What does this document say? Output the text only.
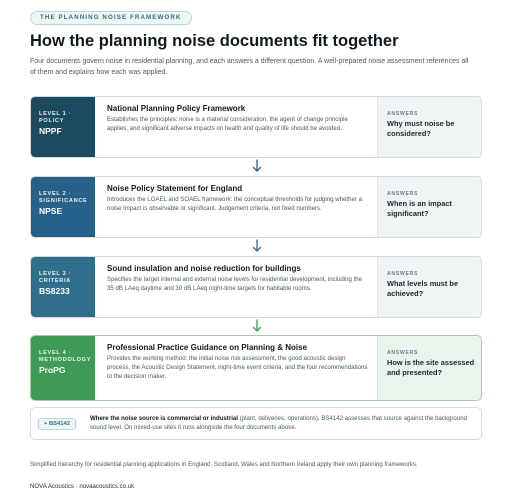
THE PLANNING NOISE FRAMEWORK
How the planning noise documents fit together
Four documents govern noise in residential planning, and each answers a different question. A well-prepared noise assessment references all of them and explains how each was applied.
LEVEL 1 ·
POLICY
NPPF
National Planning Policy Framework
Establishes the principles: noise is a material consideration, the agent of change principle applies, and significant adverse impacts on health and quality of life should be avoided.
ANSWERS
Why must noise be considered?
LEVEL 2 ·
SIGNIFICANCE
NPSE
Noise Policy Statement for England
Introduces the LOAEL and SOAEL framework: the conceptual thresholds for judging whether a noise impact is observable or significant. Judgement criteria, not fixed numbers.
ANSWERS
When is an impact significant?
LEVEL 3 ·
CRITERIA
BS8233
Sound insulation and noise reduction for buildings
Specifies the target internal and external noise levels for residential development, including the 35 dB LAeq daytime and 30 dB LAeq night-time targets for habitable rooms.
ANSWERS
What levels must be achieved?
LEVEL 4 ·
METHODOLOGY
ProPG
Professional Practice Guidance on Planning & Noise
Provides the working method: the initial noise risk assessment, the good acoustic design process, the Acoustic Design Statement, night-time event criteria, and the four recommendations to the decision maker.
ANSWERS
How is the site assessed and presented?
+ BS4142
Where the noise source is commercial or industrial (plant, deliveries, operations), BS4142 assesses that source against the background sound level. On mixed-use sites it runs alongside the four documents above.
Simplified hierarchy for residential planning applications in England. Scotland, Wales and Northern Ireland apply their own planning frameworks.
NOVA Acoustics · novaacoustics.co.uk
